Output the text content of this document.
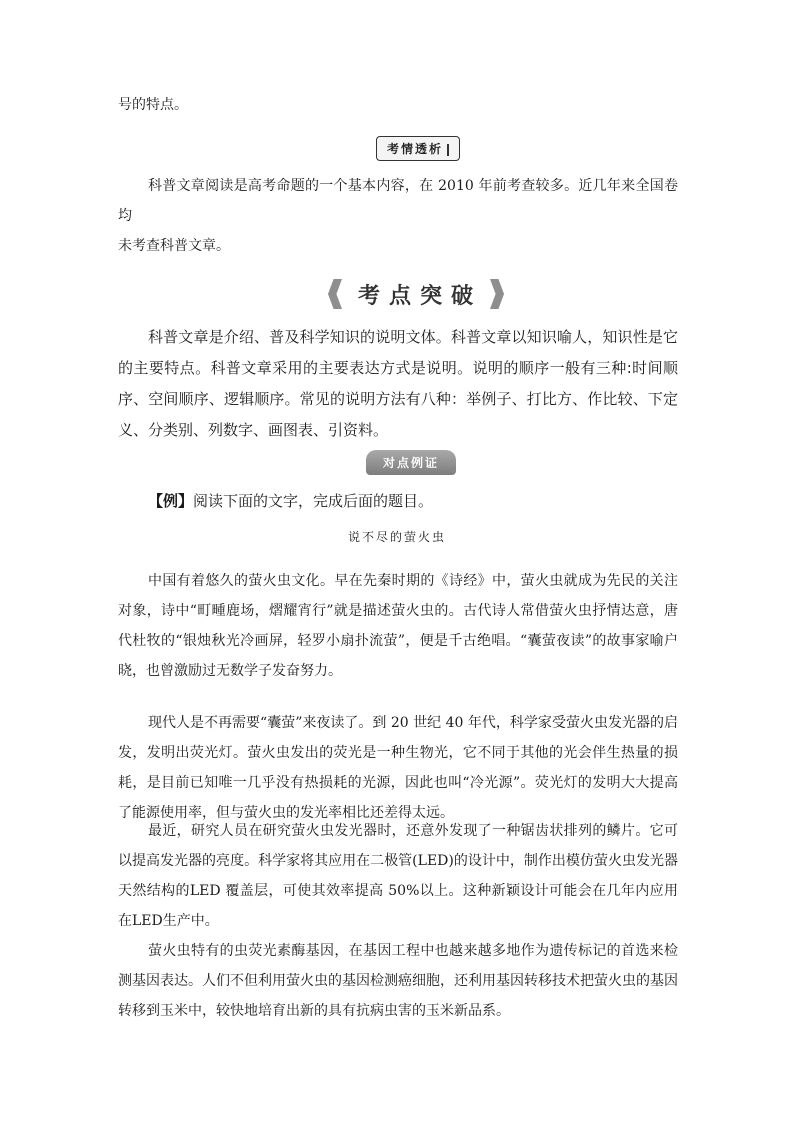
号的特点。

考情透析

科普文章阅读是高考命题的一个基本内容，在 2010 年前考查较多。近几年来全国卷均
未考查科普文章。

考点突破

科普文章是介绍、普及科学知识的说明文体。科普文章以知识喻人，知识性是它的主要特点。科普文章采用的主要表达方式是说明。说明的顺序一般有三种:时间顺序、空间顺序、逻辑顺序。常见的说明方法有八种：举例子、打比方、作比较、下定义、分类别、列数字、画图表、引资料。

对点例证

【例】阅读下面的文字，完成后面的题目。

说不尽的萤火虫

中国有着悠久的萤火虫文化。早在先秦时期的《诗经》中，萤火虫就成为先民的关注对象，诗中“町畽鹿场，熠耀宵行”就是描述萤火虫的。古代诗人常借萤火虫抒情达意，唐代杜牧的“银烛秋光冷画屏，轻罗小扇扑流萤”，便是千古绝唱。“囊萤夜读”的故事家喻户晓，也曾激励过无数学子发奋努力。

现代人是不再需要“囊萤”来夜读了。到 20 世纪 40 年代，科学家受萤火虫发光器的启发，发明出荧光灯。萤火虫发出的荧光是一种生物光，它不同于其他的光会伴生热量的损耗，是目前已知唯一几乎没有热损耗的光源，因此也叫“冷光源”。荧光灯的发明大大提高了能源使用率，但与萤火虫的发光率相比还差得太远。

最近，研究人员在研究萤火虫发光器时，还意外发现了一种锯齿状排列的鳞片。它可以提高发光器的亮度。科学家将其应用在二极管(LED)的设计中，制作出模仿萤火虫发光器天然结构的LED 覆盖层，可使其效率提高 50%以上。这种新颖设计可能会在几年内应用在LED生产中。

萤火虫特有的虫荧光素酶基因，在基因工程中也越来越多地作为遗传标记的首选来检测基因表达。人们不但利用萤火虫的基因检测癌细胞，还利用基因转移技术把萤火虫的基因转移到玉米中，较快地培育出新的具有抗病虫害的玉米新品系。
